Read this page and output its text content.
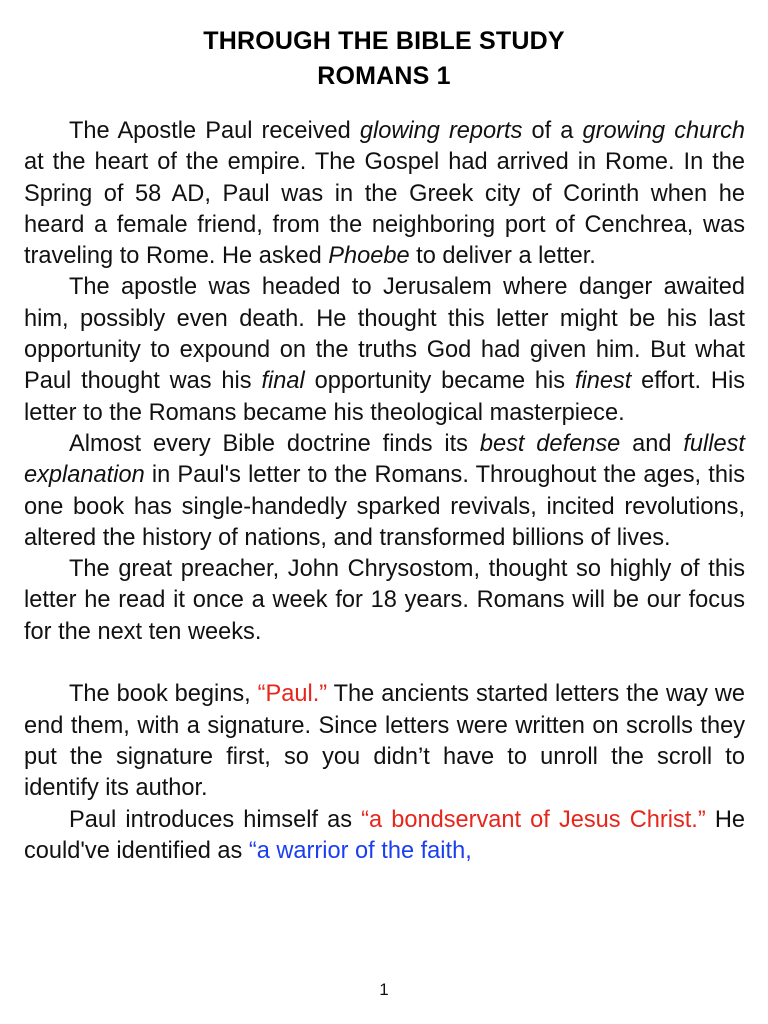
THROUGH THE BIBLE STUDY
ROMANS 1

The Apostle Paul received glowing reports of a growing church at the heart of the empire. The Gospel had arrived in Rome. In the Spring of 58 AD, Paul was in the Greek city of Corinth when he heard a female friend, from the neighboring port of Cenchrea, was traveling to Rome. He asked Phoebe to deliver a letter.

The apostle was headed to Jerusalem where danger awaited him, possibly even death. He thought this letter might be his last opportunity to expound on the truths God had given him. But what Paul thought was his final opportunity became his finest effort. His letter to the Romans became his theological masterpiece.

Almost every Bible doctrine finds its best defense and fullest explanation in Paul's letter to the Romans. Throughout the ages, this one book has single-handedly sparked revivals, incited revolutions, altered the history of nations, and transformed billions of lives.

The great preacher, John Chrysostom, thought so highly of this letter he read it once a week for 18 years. Romans will be our focus for the next ten weeks.

The book begins, “Paul.” The ancients started letters the way we end them, with a signature. Since letters were written on scrolls they put the signature first, so you didn’t have to unroll the scroll to identify its author.

Paul introduces himself as “a bondservant of Jesus Christ.” He could've identified as “a warrior of the faith,

1
